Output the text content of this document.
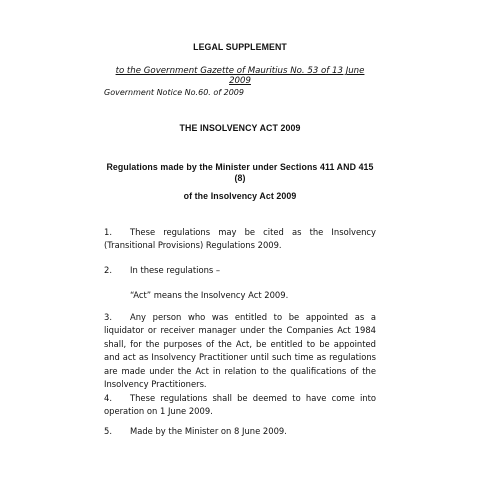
LEGAL SUPPLEMENT
to the Government Gazette of Mauritius No. 53 of 13 June 2009
Government Notice No.60. of 2009
THE INSOLVENCY ACT 2009
Regulations made by the Minister under Sections 411 AND 415
(8)
of the Insolvency Act 2009
1. These regulations may be cited as the Insolvency (Transitional Provisions) Regulations 2009.
2. In these regulations –
“Act” means the Insolvency Act 2009.
3. Any person who was entitled to be appointed as a liquidator or receiver manager under the Companies Act 1984 shall, for the purposes of the Act, be entitled to be appointed and act as Insolvency Practitioner until such time as regulations are made under the Act in relation to the qualifications of the Insolvency Practitioners.
4. These regulations shall be deemed to have come into operation on 1 June 2009.
5. Made by the Minister on 8 June 2009.
